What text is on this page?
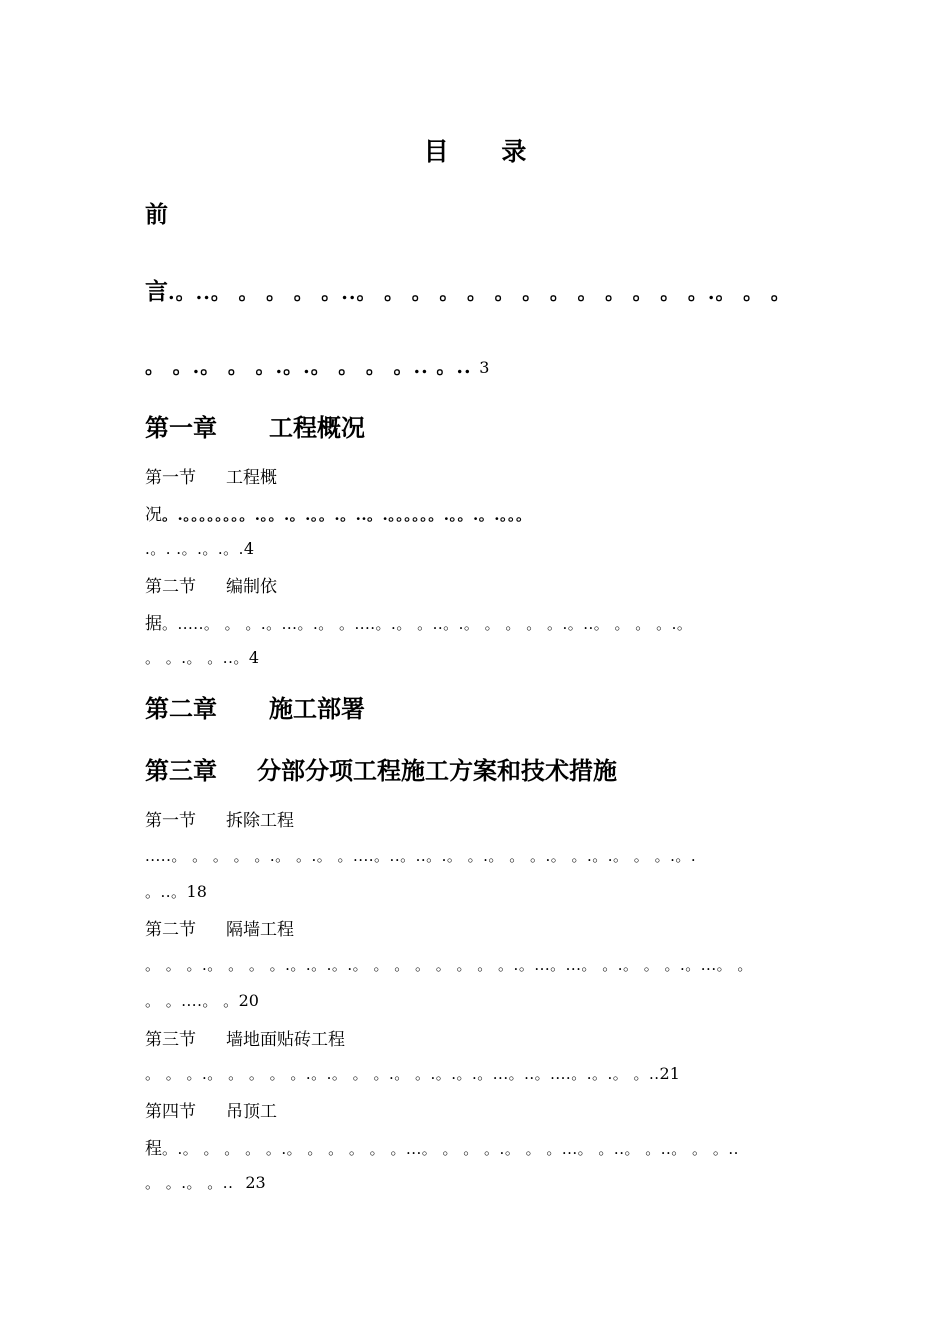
目 录
前
言.。..。 。 。 。 。..。 。 。 。 。 。 。 。 。 。 。 。 。.。 。 。
。 。.。 。 。.。.。 。 。 。.. 。.. 3
第一章 工程概况
第一节 工程概
况。.。。。。。。。。.。。.。.。。.。..。.。。。。。。.。。.。.。。。
.。. .。.。.。.4
第二节 编制依
据。.....。 。 。.。...。.。 。....。.。 。..。.。 。 。 。 。.。..。 。 。 。.。
。 。.。 。..。4
第二章 施工部署
第三章 分部分项工程施工方案和技术措施
第一节 拆除工程
.....。 。 。 。 。.。 。.。 。....。..。..。.。 。.。 。 。.。 。.。.。 。 。.。.
。..。18
第二节 隔墙工程
。 。 。.。 。 。 。.。.。.。.。 。 。 。 。 。 。 。.。...。...。 。.。 。 。.。...。 。
。 。....。 。20
第三节 墙地面贴砖工程
。 。 。.。 。 。 。 。.。.。 。 。.。 。.。.。.。...。..。....。.。.。 。..21
第四节 吊顶工
程。.。 。 。 。 。.。 。 。 。 。 。...。 。 。 。.。 。 。...。 。..。 。..。 。 。..
。 。.。 。.. 23
